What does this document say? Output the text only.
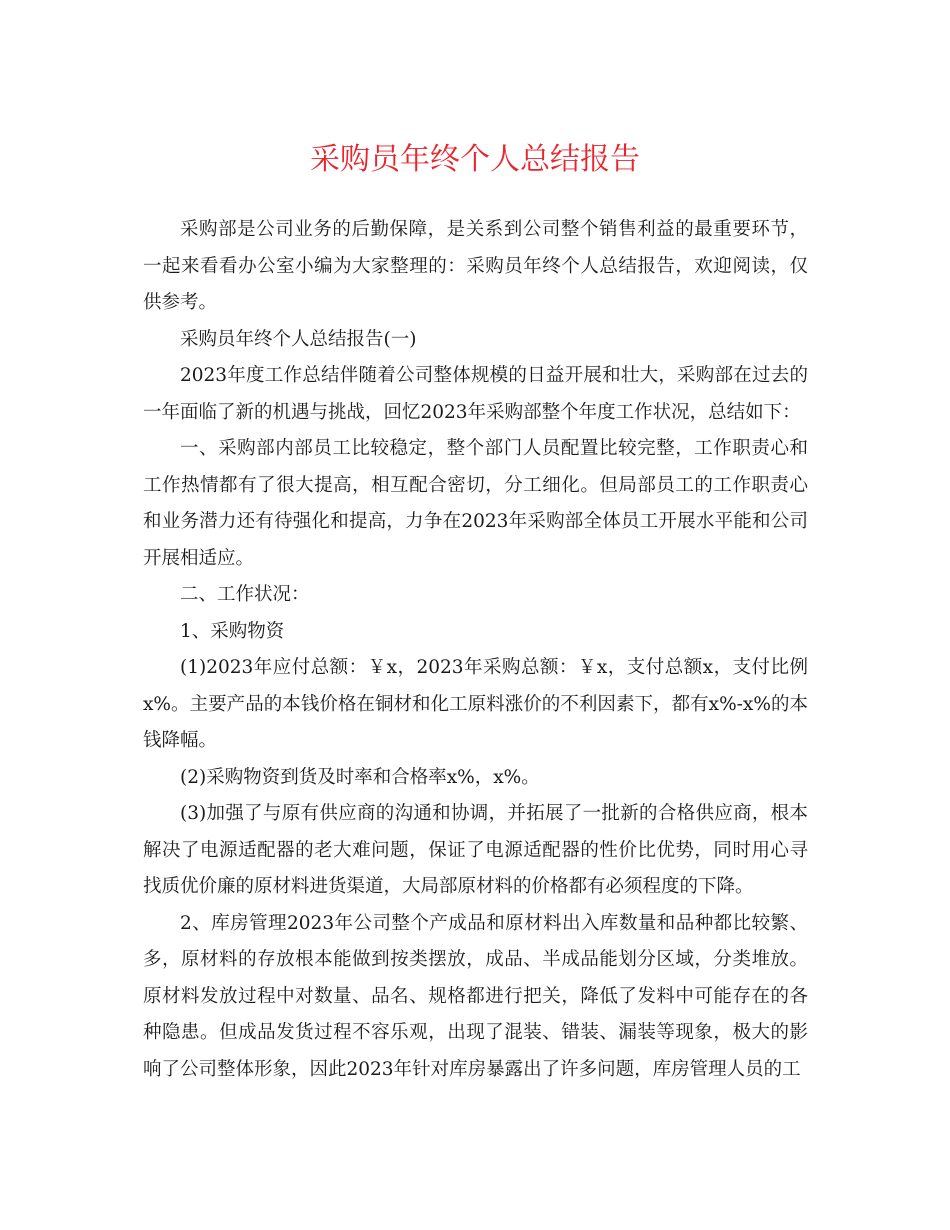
采购员年终个人总结报告

采购部是公司业务的后勤保障，是关系到公司整个销售利益的最重要环节，一起来看看办公室小编为大家整理的：采购员年终个人总结报告，欢迎阅读，仅供参考。

采购员年终个人总结报告(一)

2023年度工作总结伴随着公司整体规模的日益开展和壮大，采购部在过去的一年面临了新的机遇与挑战，回忆2023年采购部整个年度工作状况，总结如下：

一、采购部内部员工比较稳定，整个部门人员配置比较完整，工作职责心和工作热情都有了很大提高，相互配合密切，分工细化。但局部员工的工作职责心和业务潜力还有待强化和提高，力争在2023年采购部全体员工开展水平能和公司开展相适应。

二、工作状况：

1、采购物资

(1)2023年应付总额：￥x，2023年采购总额：￥x，支付总额x，支付比例x%。主要产品的本钱价格在铜材和化工原料涨价的不利因素下，都有x%-x%的本钱降幅。

(2)采购物资到货及时率和合格率x%，x%。

(3)加强了与原有供应商的沟通和协调，并拓展了一批新的合格供应商，根本解决了电源适配器的老大难问题，保证了电源适配器的性价比优势，同时用心寻找质优价廉的原材料进货渠道，大局部原材料的价格都有必须程度的下降。

2、库房管理2023年公司整个产成品和原材料出入库数量和品种都比较繁、多，原材料的存放根本能做到按类摆放，成品、半成品能划分区域，分类堆放。原材料发放过程中对数量、品名、规格都进行把关，降低了发料中可能存在的各种隐患。但成品发货过程不容乐观，出现了混装、错装、漏装等现象，极大的影响了公司整体形象，因此2023年针对库房暴露出了许多问题，库房管理人员的工
